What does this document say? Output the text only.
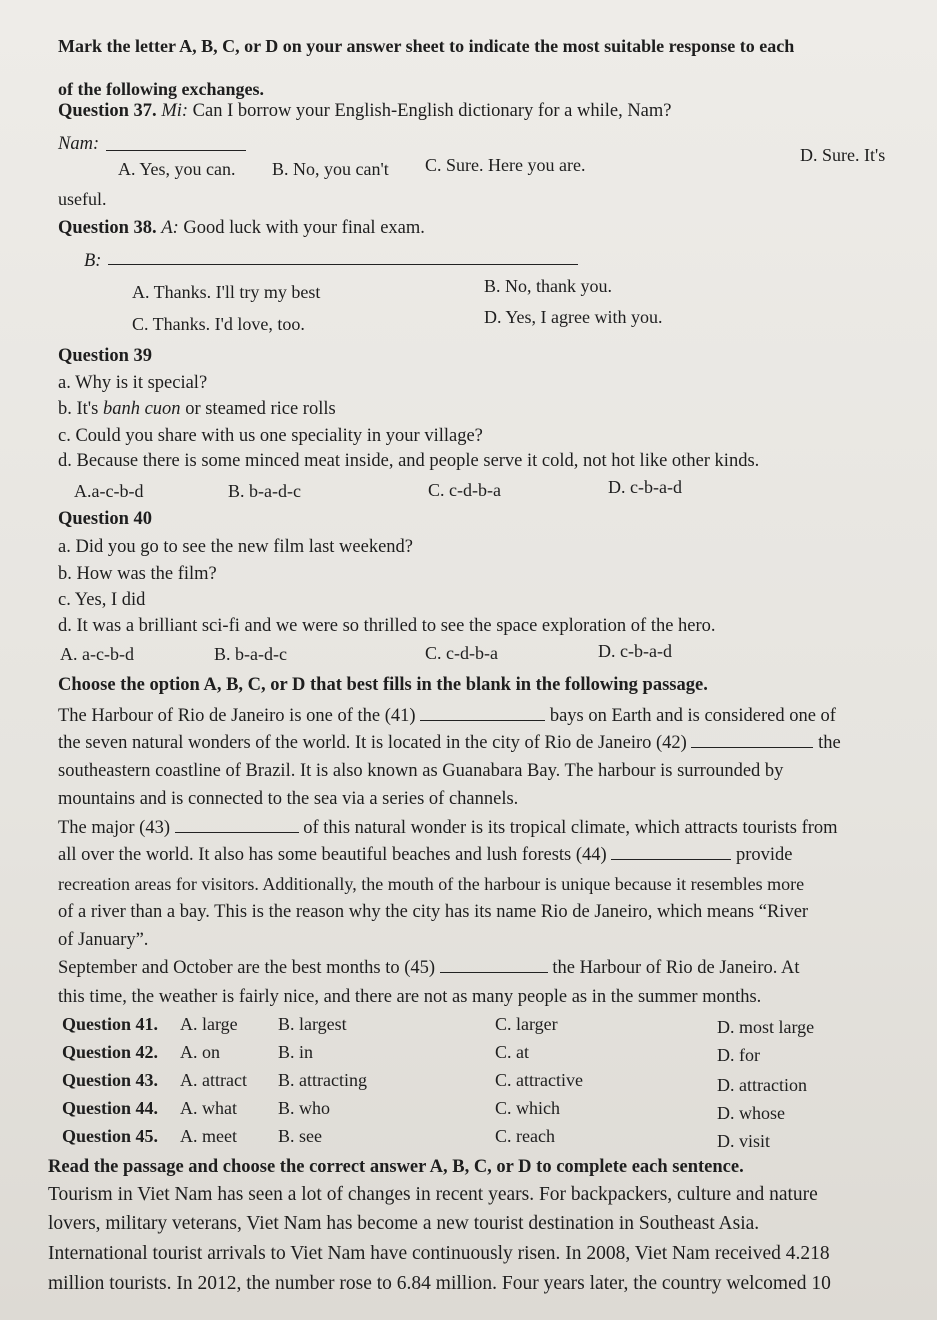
Mark the letter A, B, C, or D on your answer sheet to indicate the most suitable response to each
of the following exchanges.
Question 37. Mi: Can I borrow your English-English dictionary for a while, Nam?
Nam:
A. Yes, you can. B. No, you can't C. Sure. Here you are.	D. Sure. It's
useful.
Question 38. A: Good luck with your final exam.
B:
A. Thanks. I'll try my best	B. No, thank you.
C. Thanks. I'd love, too.	D. Yes, I agree with you.
Question 39
a. Why is it special?
b. It's banh cuon or steamed rice rolls
c. Could you share with us one speciality in your village?
d. Because there is some minced meat inside, and people serve it cold, not hot like other kinds.
A.a-c-b-d	B. b-a-d-c	C. c-d-b-a	D. c-b-a-d
Question 40
a. Did you go to see the new film last weekend?
b. How was the film?
c. Yes, I did
d. It was a brilliant sci-fi and we were so thrilled to see the space exploration of the hero.
A. a-c-b-d	B. b-a-d-c	C. c-d-b-a	D. c-b-a-d
Choose the option A, B, C, or D that best fills in the blank in the following passage.
The Harbour of Rio de Janeiro is one of the (41)	bays on Earth and is considered one of
the seven natural wonders of the world. It is located in the city of Rio de Janeiro (42)	the
southeastern coastline of Brazil. It is also known as Guanabara Bay. The harbour is surrounded by
mountains and is connected to the sea via a series of channels.
The major (43)	of this natural wonder is its tropical climate, which attracts tourists from
all over the world. It also has some beautiful beaches and lush forests (44)	provide
recreation areas for visitors. Additionally, the mouth of the harbour is unique because it resembles more
of a river than a bay. This is the reason why the city has its name Rio de Janeiro, which means “River
of January”.
September and October are the best months to (45)	the Harbour of Rio de Janeiro. At
this time, the weather is fairly nice, and there are not as many people as in the summer months.
Question 41. A. large B. largest	C. larger	D. most large
Question 42. A. on	B. in	C. at	D. for
Question 43. A. attract B. attracting	C. attractive	D. attraction
Question 44. A. what B. who	C. which	D. whose
Question 45. A. meet B. see	C. reach	D. visit
Read the passage and choose the correct answer A, B, C, or D to complete each sentence.
Tourism in Viet Nam has seen a lot of changes in recent years. For backpackers, culture and nature
lovers, military veterans, Viet Nam has become a new tourist destination in Southeast Asia.
International tourist arrivals to Viet Nam have continuously risen. In 2008, Viet Nam received 4.218
million tourists. In 2012, the number rose to 6.84 million. Four years later, the country welcomed 10
